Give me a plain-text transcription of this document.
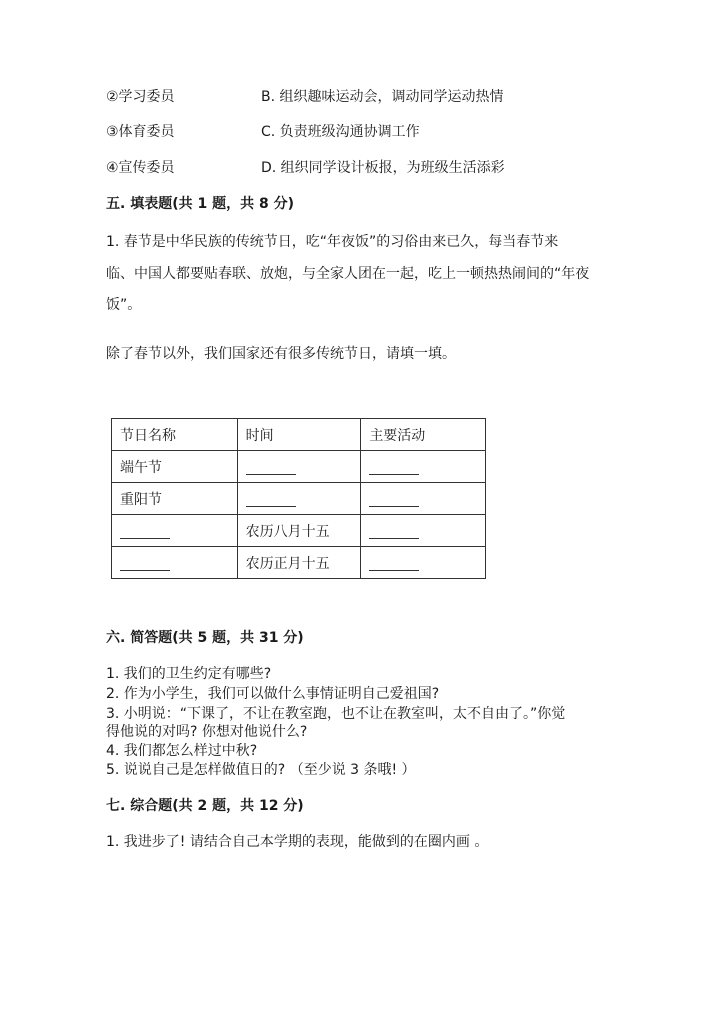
②学习委员	B. 组织趣味运动会，调动同学运动热情
③体育委员	C. 负责班级沟通协调工作
④宣传委员	D. 组织同学设计板报，为班级生活添彩
五. 填表题(共 1 题，共 8 分)
1. 春节是中华民族的传统节日，吃“年夜饭”的习俗由来已久，每当春节来
临、中国人都要贴春联、放炮，与全家人团在一起，吃上一顿热热闹间的“年夜
饭”。
除了春节以外，我们国家还有很多传统节日，请填一填。
节日名称	时间	主要活动
端午节		
重阳节		
	农历八月十五	
	农历正月十五	
六. 简答题(共 5 题，共 31 分)
1. 我们的卫生约定有哪些?
2. 作为小学生，我们可以做什么事情证明自己爱祖国?
3. 小明说：“下课了，不让在教室跑，也不让在教室叫，太不自由了。”你觉
得他说的对吗? 你想对他说什么?
4. 我们都怎么样过中秋?
5. 说说自己是怎样做值日的? （至少说 3 条哦! ）
七. 综合题(共 2 题，共 12 分)
1. 我进步了! 请结合自己本学期的表现，能做到的在圈内画 。
